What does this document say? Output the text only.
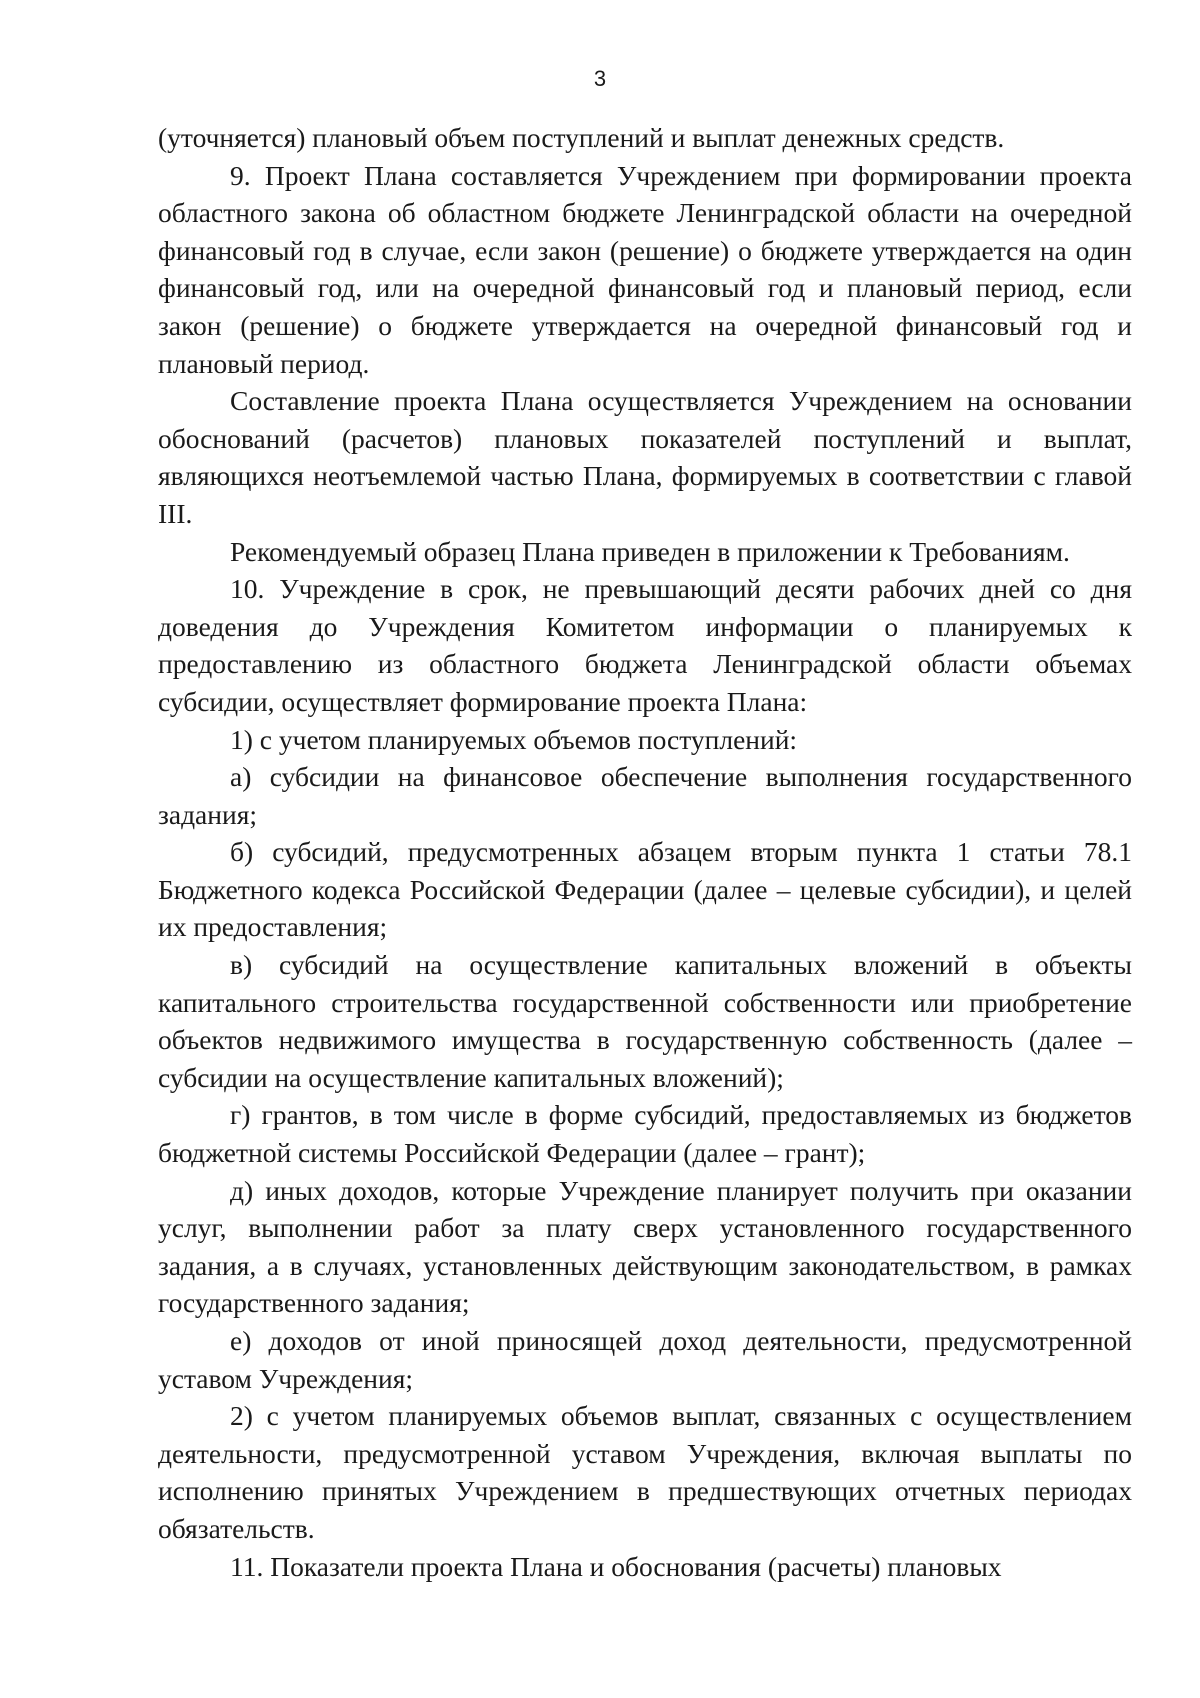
3

(уточняется) плановый объем поступлений и выплат денежных средств.

9. Проект Плана составляется Учреждением при формировании проекта областного закона об областном бюджете Ленинградской области на очередной финансовый год в случае, если закон (решение) о бюджете утверждается на один финансовый год, или на очередной финансовый год и плановый период, если закон (решение) о бюджете утверждается на очередной финансовый год и плановый период.

Составление проекта Плана осуществляется Учреждением на основании обоснований (расчетов) плановых показателей поступлений и выплат, являющихся неотъемлемой частью Плана, формируемых в соответствии с главой III.

Рекомендуемый образец Плана приведен в приложении к Требованиям.

10. Учреждение в срок, не превышающий десяти рабочих дней со дня доведения до Учреждения Комитетом информации о планируемых к предоставлению из областного бюджета Ленинградской области объемах субсидии, осуществляет формирование проекта Плана:

1) с учетом планируемых объемов поступлений:

а) субсидии на финансовое обеспечение выполнения государственного задания;

б) субсидий, предусмотренных абзацем вторым пункта 1 статьи 78.1 Бюджетного кодекса Российской Федерации (далее – целевые субсидии), и целей их предоставления;

в) субсидий на осуществление капитальных вложений в объекты капитального строительства государственной собственности или приобретение объектов недвижимого имущества в государственную собственность (далее – субсидии на осуществление капитальных вложений);

г) грантов, в том числе в форме субсидий, предоставляемых из бюджетов бюджетной системы Российской Федерации (далее – грант);

д) иных доходов, которые Учреждение планирует получить при оказании услуг, выполнении работ за плату сверх установленного государственного задания, а в случаях, установленных действующим законодательством, в рамках государственного задания;

е) доходов от иной приносящей доход деятельности, предусмотренной уставом Учреждения;

2) с учетом планируемых объемов выплат, связанных с осуществлением деятельности, предусмотренной уставом Учреждения, включая выплаты по исполнению принятых Учреждением в предшествующих отчетных периодах обязательств.

11. Показатели проекта Плана и обоснования (расчеты) плановых
